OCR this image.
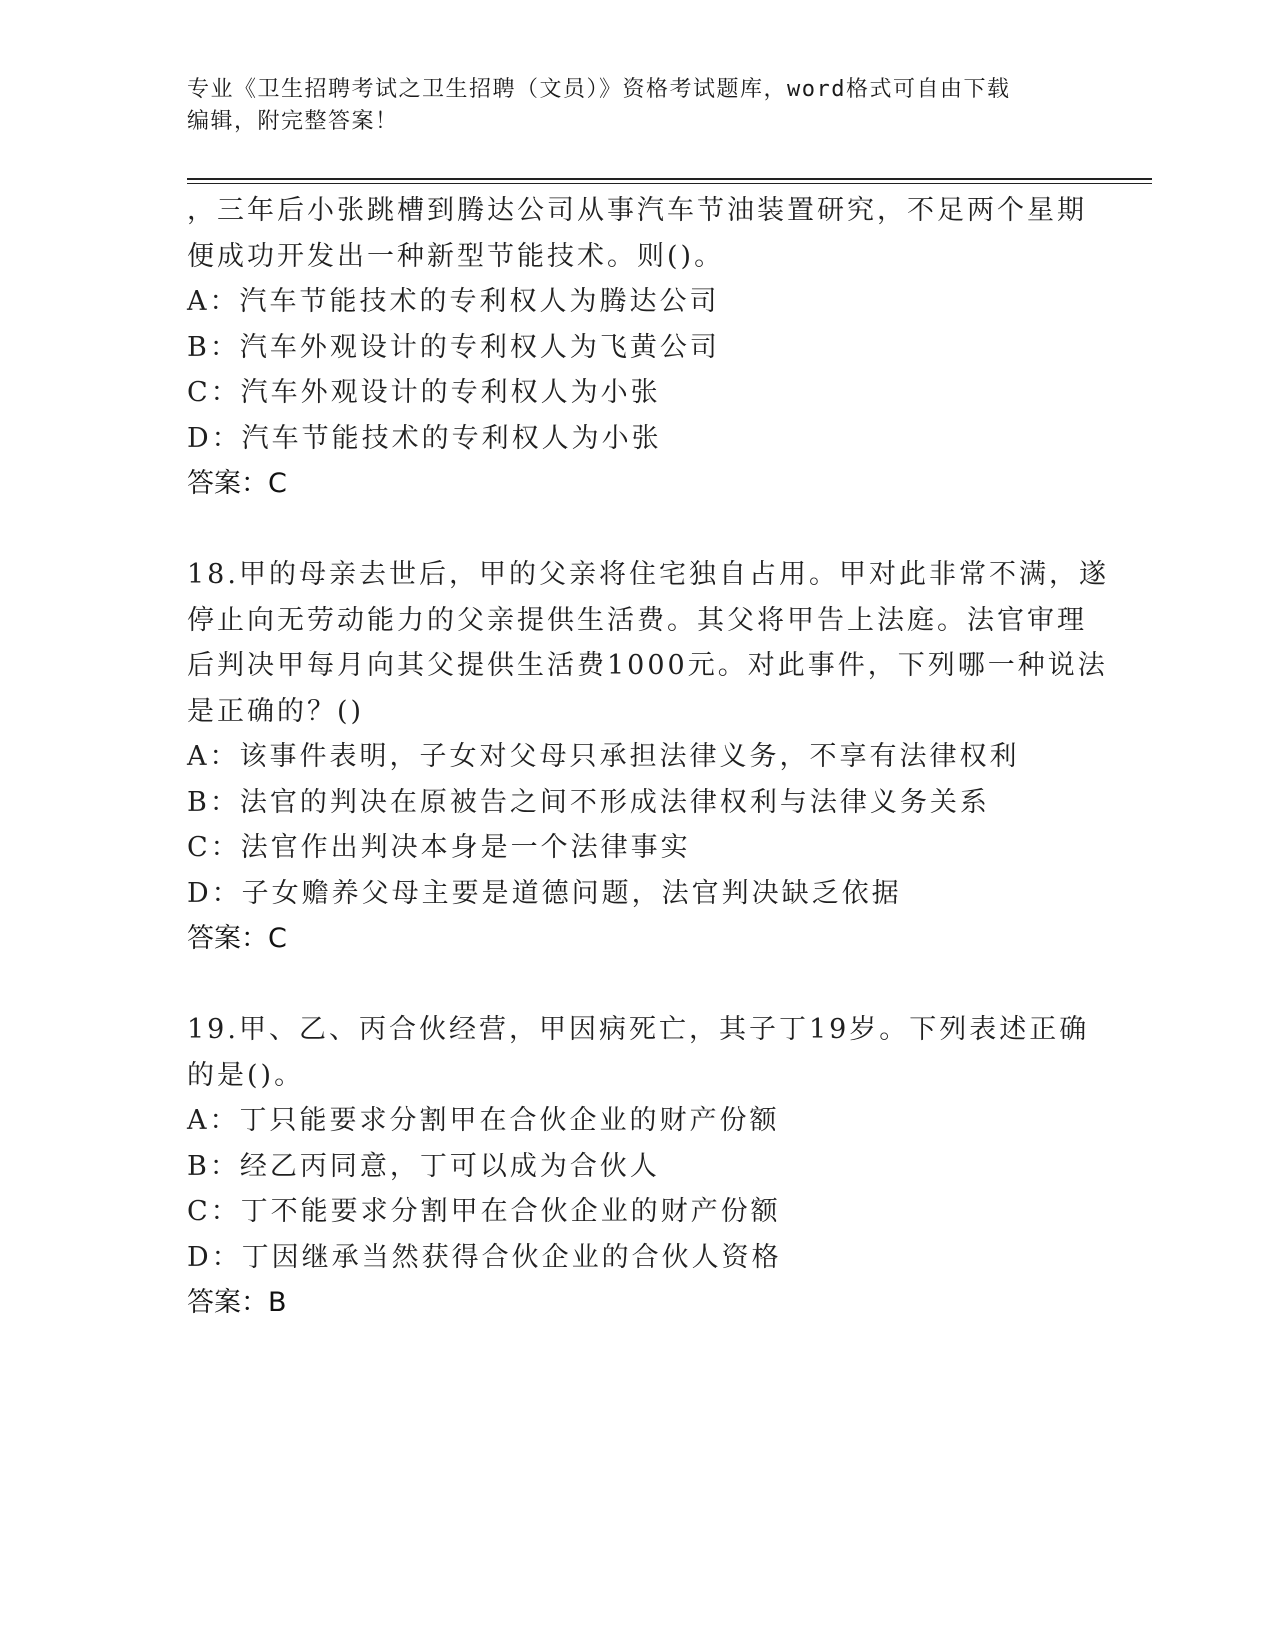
专业《卫生招聘考试之卫生招聘（文员）》资格考试题库，word格式可自由下载
编辑，附完整答案！
，三年后小张跳槽到腾达公司从事汽车节油装置研究，不足两个星期
便成功开发出一种新型节能技术。则()。
A：汽车节能技术的专利权人为腾达公司
B：汽车外观设计的专利权人为飞黄公司
C：汽车外观设计的专利权人为小张
D：汽车节能技术的专利权人为小张
答案：C
18.甲的母亲去世后，甲的父亲将住宅独自占用。甲对此非常不满，遂
停止向无劳动能力的父亲提供生活费。其父将甲告上法庭。法官审理
后判决甲每月向其父提供生活费1000元。对此事件，下列哪一种说法
是正确的？()
A：该事件表明，子女对父母只承担法律义务，不享有法律权利
B：法官的判决在原被告之间不形成法律权利与法律义务关系
C：法官作出判决本身是一个法律事实
D：子女赡养父母主要是道德问题，法官判决缺乏依据
答案：C
19.甲、乙、丙合伙经营，甲因病死亡，其子丁19岁。下列表述正确
的是()。
A：丁只能要求分割甲在合伙企业的财产份额
B：经乙丙同意，丁可以成为合伙人
C：丁不能要求分割甲在合伙企业的财产份额
D：丁因继承当然获得合伙企业的合伙人资格
答案：B
